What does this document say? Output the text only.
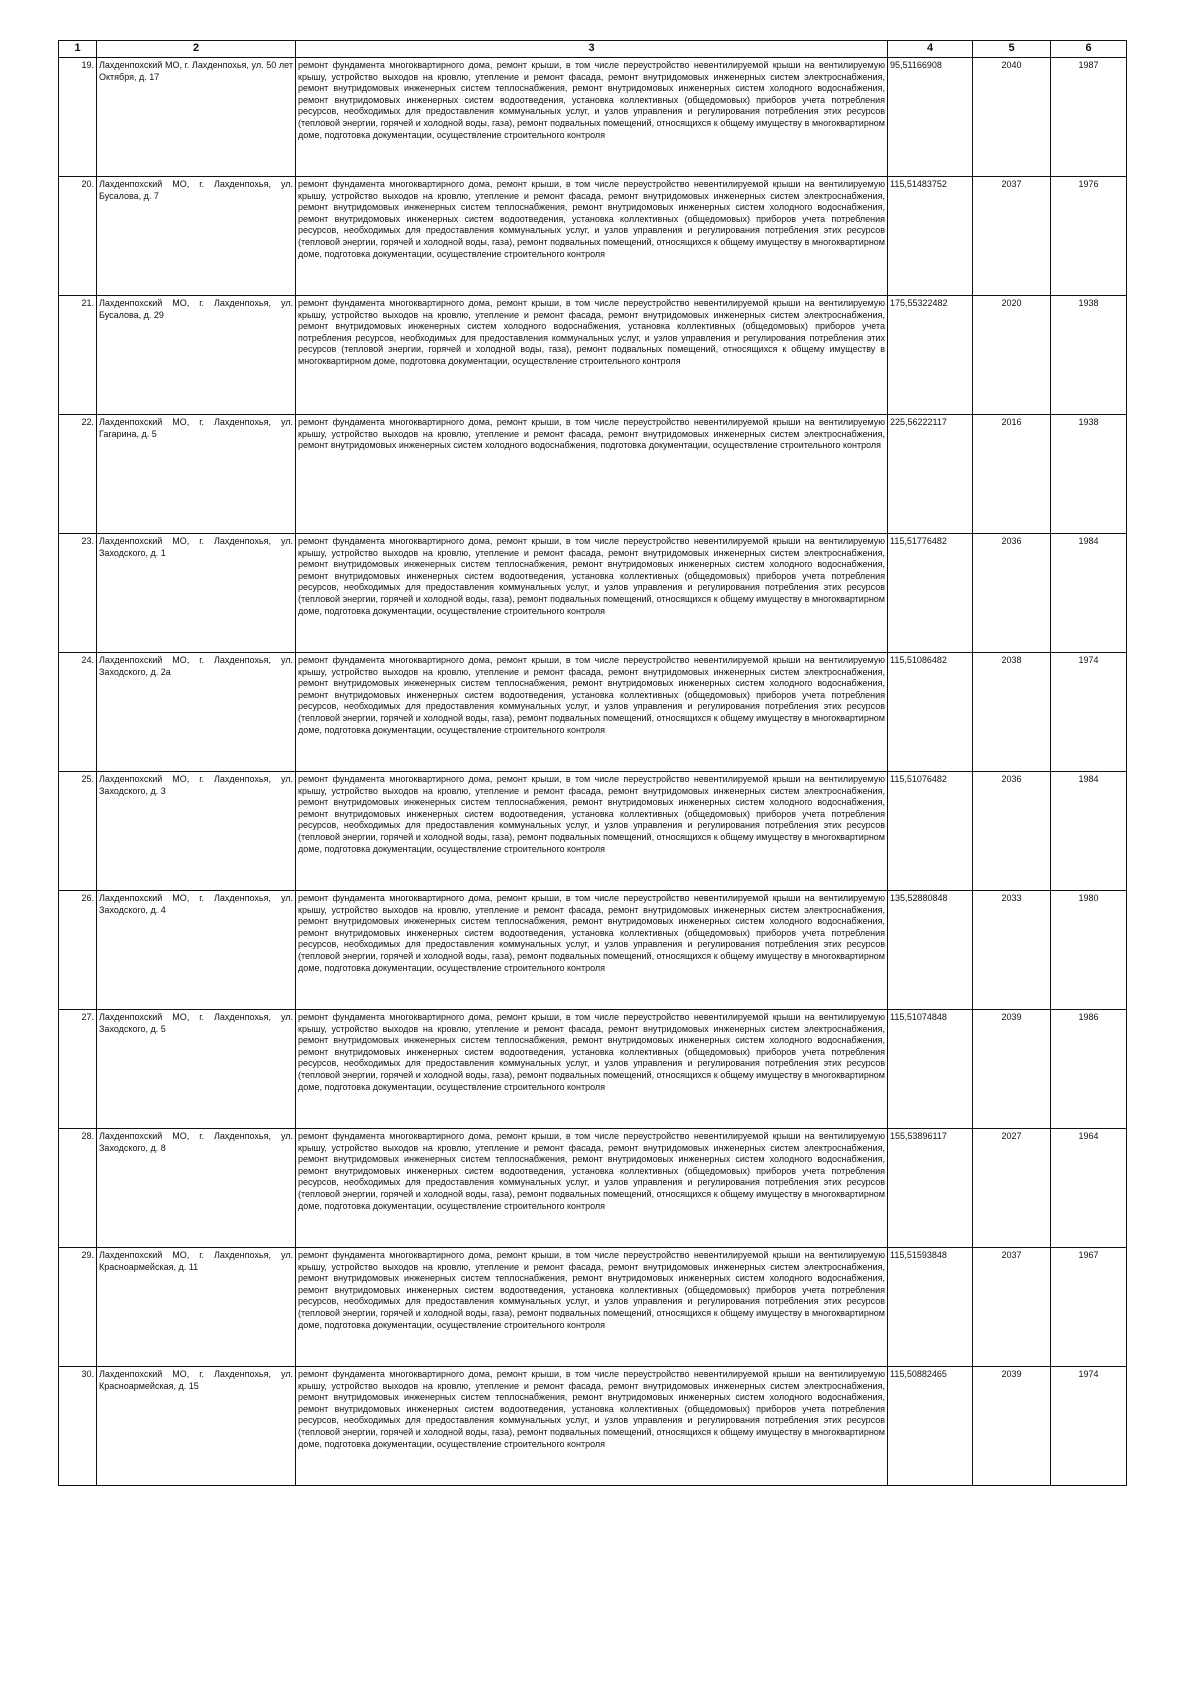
1	2	3	4	5	6
19.	Лахденпохский МО, г. Лахденпохья, ул. 50 лет Октября, д. 17	ремонт фундамента многоквартирного дома, ремонт крыши, в том числе переустройство невентилируемой крыши на вентилируемую крышу, устройство выходов на кровлю, утепление и ремонт фасада, ремонт внутридомовых инженерных систем электроснабжения, ремонт внутридомовых инженерных систем теплоснабжения, ремонт внутридомовых инженерных систем холодного водоснабжения, ремонт внутридомовых инженерных систем водоотведения, установка коллективных (общедомовых) приборов учета потребления ресурсов, необходимых для предоставления коммунальных услуг, и узлов управления и регулирования потребления этих ресурсов (тепловой энергии, горячей и холодной воды, газа), ремонт подвальных помещений, относящихся к общему имуществу в многоквартирном доме, подготовка документации, осуществление строительного контроля	95,51166908	2040	1987
20.	Лахденпохский МО, г. Лахденпохья, ул. Бусалова, д. 7	ремонт фундамента многоквартирного дома, ремонт крыши, в том числе переустройство невентилируемой крыши на вентилируемую крышу, устройство выходов на кровлю, утепление и ремонт фасада, ремонт внутридомовых инженерных систем электроснабжения, ремонт внутридомовых инженерных систем теплоснабжения, ремонт внутридомовых инженерных систем холодного водоснабжения, ремонт внутридомовых инженерных систем водоотведения, установка коллективных (общедомовых) приборов учета потребления ресурсов, необходимых для предоставления коммунальных услуг, и узлов управления и регулирования потребления этих ресурсов (тепловой энергии, горячей и холодной воды, газа), ремонт подвальных помещений, относящихся к общему имуществу в многоквартирном доме, подготовка документации, осуществление строительного контроля	115,51483752	2037	1976
21.	Лахденпохский МО, г. Лахденпохья, ул. Бусалова, д. 29	ремонт фундамента многоквартирного дома, ремонт крыши, в том числе переустройство невентилируемой крыши на вентилируемую крышу, устройство выходов на кровлю, утепление и ремонт фасада, ремонт внутридомовых инженерных систем электроснабжения, ремонт внутридомовых инженерных систем холодного водоснабжения, установка коллективных (общедомовых) приборов учета потребления ресурсов, необходимых для предоставления коммунальных услуг, и узлов управления и регулирования потребления этих ресурсов (тепловой энергии, горячей и холодной воды, газа), ремонт подвальных помещений, относящихся к общему имуществу в многоквартирном доме, подготовка документации, осуществление строительного контроля	175,55322482	2020	1938
22.	Лахденпохский МО, г. Лахденпохья, ул. Гагарина, д. 5	ремонт фундамента многоквартирного дома, ремонт крыши, в том числе переустройство невентилируемой крыши на вентилируемую крышу, устройство выходов на кровлю, утепление и ремонт фасада, ремонт внутридомовых инженерных систем электроснабжения, ремонт внутридомовых инженерных систем холодного водоснабжения, подготовка документации, осуществление строительного контроля	225,56222117	2016	1938
23.	Лахденпохский МО, г. Лахденпохья, ул. Заходского, д. 1	ремонт фундамента многоквартирного дома, ремонт крыши, в том числе переустройство невентилируемой крыши на вентилируемую крышу, устройство выходов на кровлю, утепление и ремонт фасада, ремонт внутридомовых инженерных систем электроснабжения, ремонт внутридомовых инженерных систем теплоснабжения, ремонт внутридомовых инженерных систем холодного водоснабжения, ремонт внутридомовых инженерных систем водоотведения, установка коллективных (общедомовых) приборов учета потребления ресурсов, необходимых для предоставления коммунальных услуг, и узлов управления и регулирования потребления этих ресурсов (тепловой энергии, горячей и холодной воды, газа), ремонт подвальных помещений, относящихся к общему имуществу в многоквартирном доме, подготовка документации, осуществление строительного контроля	115,51776482	2036	1984
24.	Лахденпохский МО, г. Лахденпохья, ул. Заходского, д. 2а	ремонт фундамента многоквартирного дома, ремонт крыши, в том числе переустройство невентилируемой крыши на вентилируемую крышу, устройство выходов на кровлю, утепление и ремонт фасада, ремонт внутридомовых инженерных систем электроснабжения, ремонт внутридомовых инженерных систем теплоснабжения, ремонт внутридомовых инженерных систем холодного водоснабжения, ремонт внутридомовых инженерных систем водоотведения, установка коллективных (общедомовых) приборов учета потребления ресурсов, необходимых для предоставления коммунальных услуг, и узлов управления и регулирования потребления этих ресурсов (тепловой энергии, горячей и холодной воды, газа), ремонт подвальных помещений, относящихся к общему имуществу в многоквартирном доме, подготовка документации, осуществление строительного контроля	115,51086482	2038	1974
25.	Лахденпохский МО, г. Лахденпохья, ул. Заходского, д. 3	ремонт фундамента многоквартирного дома, ремонт крыши, в том числе переустройство невентилируемой крыши на вентилируемую крышу, устройство выходов на кровлю, утепление и ремонт фасада, ремонт внутридомовых инженерных систем электроснабжения, ремонт внутридомовых инженерных систем теплоснабжения, ремонт внутридомовых инженерных систем холодного водоснабжения, ремонт внутридомовых инженерных систем водоотведения, установка коллективных (общедомовых) приборов учета потребления ресурсов, необходимых для предоставления коммунальных услуг, и узлов управления и регулирования потребления этих ресурсов (тепловой энергии, горячей и холодной воды, газа), ремонт подвальных помещений, относящихся к общему имуществу в многоквартирном доме, подготовка документации, осуществление строительного контроля	115,51076482	2036	1984
26.	Лахденпохский МО, г. Лахденпохья, ул. Заходского, д. 4	ремонт фундамента многоквартирного дома, ремонт крыши, в том числе переустройство невентилируемой крыши на вентилируемую крышу, устройство выходов на кровлю, утепление и ремонт фасада, ремонт внутридомовых инженерных систем электроснабжения, ремонт внутридомовых инженерных систем теплоснабжения, ремонт внутридомовых инженерных систем холодного водоснабжения, ремонт внутридомовых инженерных систем водоотведения, установка коллективных (общедомовых) приборов учета потребления ресурсов, необходимых для предоставления коммунальных услуг, и узлов управления и регулирования потребления этих ресурсов (тепловой энергии, горячей и холодной воды, газа), ремонт подвальных помещений, относящихся к общему имуществу в многоквартирном доме, подготовка документации, осуществление строительного контроля	135,52880848	2033	1980
27.	Лахденпохский МО, г. Лахденпохья, ул. Заходского, д. 5	ремонт фундамента многоквартирного дома, ремонт крыши, в том числе переустройство невентилируемой крыши на вентилируемую крышу, устройство выходов на кровлю, утепление и ремонт фасада, ремонт внутридомовых инженерных систем электроснабжения, ремонт внутридомовых инженерных систем теплоснабжения, ремонт внутридомовых инженерных систем холодного водоснабжения, ремонт внутридомовых инженерных систем водоотведения, установка коллективных (общедомовых) приборов учета потребления ресурсов, необходимых для предоставления коммунальных услуг, и узлов управления и регулирования потребления этих ресурсов (тепловой энергии, горячей и холодной воды, газа), ремонт подвальных помещений, относящихся к общему имуществу в многоквартирном доме, подготовка документации, осуществление строительного контроля	115,51074848	2039	1986
28.	Лахденпохский МО, г. Лахденпохья, ул. Заходского, д. 8	ремонт фундамента многоквартирного дома, ремонт крыши, в том числе переустройство невентилируемой крыши на вентилируемую крышу, устройство выходов на кровлю, утепление и ремонт фасада, ремонт внутридомовых инженерных систем электроснабжения, ремонт внутридомовых инженерных систем теплоснабжения, ремонт внутридомовых инженерных систем холодного водоснабжения, ремонт внутридомовых инженерных систем водоотведения, установка коллективных (общедомовых) приборов учета потребления ресурсов, необходимых для предоставления коммунальных услуг, и узлов управления и регулирования потребления этих ресурсов (тепловой энергии, горячей и холодной воды, газа), ремонт подвальных помещений, относящихся к общему имуществу в многоквартирном доме, подготовка документации, осуществление строительного контроля	155,53896117	2027	1964
29.	Лахденпохский МО, г. Лахденпохья, ул. Красноармейская, д. 11	ремонт фундамента многоквартирного дома, ремонт крыши, в том числе переустройство невентилируемой крыши на вентилируемую крышу, устройство выходов на кровлю, утепление и ремонт фасада, ремонт внутридомовых инженерных систем электроснабжения, ремонт внутридомовых инженерных систем теплоснабжения, ремонт внутридомовых инженерных систем холодного водоснабжения, ремонт внутридомовых инженерных систем водоотведения, установка коллективных (общедомовых) приборов учета потребления ресурсов, необходимых для предоставления коммунальных услуг, и узлов управления и регулирования потребления этих ресурсов (тепловой энергии, горячей и холодной воды, газа), ремонт подвальных помещений, относящихся к общему имуществу в многоквартирном доме, подготовка документации, осуществление строительного контроля	115,51593848	2037	1967
30.	Лахденпохский МО, г. Лахденпохья, ул. Красноармейская, д. 15	ремонт фундамента многоквартирного дома, ремонт крыши, в том числе переустройство невентилируемой крыши на вентилируемую крышу, устройство выходов на кровлю, утепление и ремонт фасада, ремонт внутридомовых инженерных систем электроснабжения, ремонт внутридомовых инженерных систем теплоснабжения, ремонт внутридомовых инженерных систем холодного водоснабжения, ремонт внутридомовых инженерных систем водоотведения, установка коллективных (общедомовых) приборов учета потребления ресурсов, необходимых для предоставления коммунальных услуг, и узлов управления и регулирования потребления этих ресурсов (тепловой энергии, горячей и холодной воды, газа), ремонт подвальных помещений, относящихся к общему имуществу в многоквартирном доме, подготовка документации, осуществление строительного контроля	115,50882465	2039	1974
